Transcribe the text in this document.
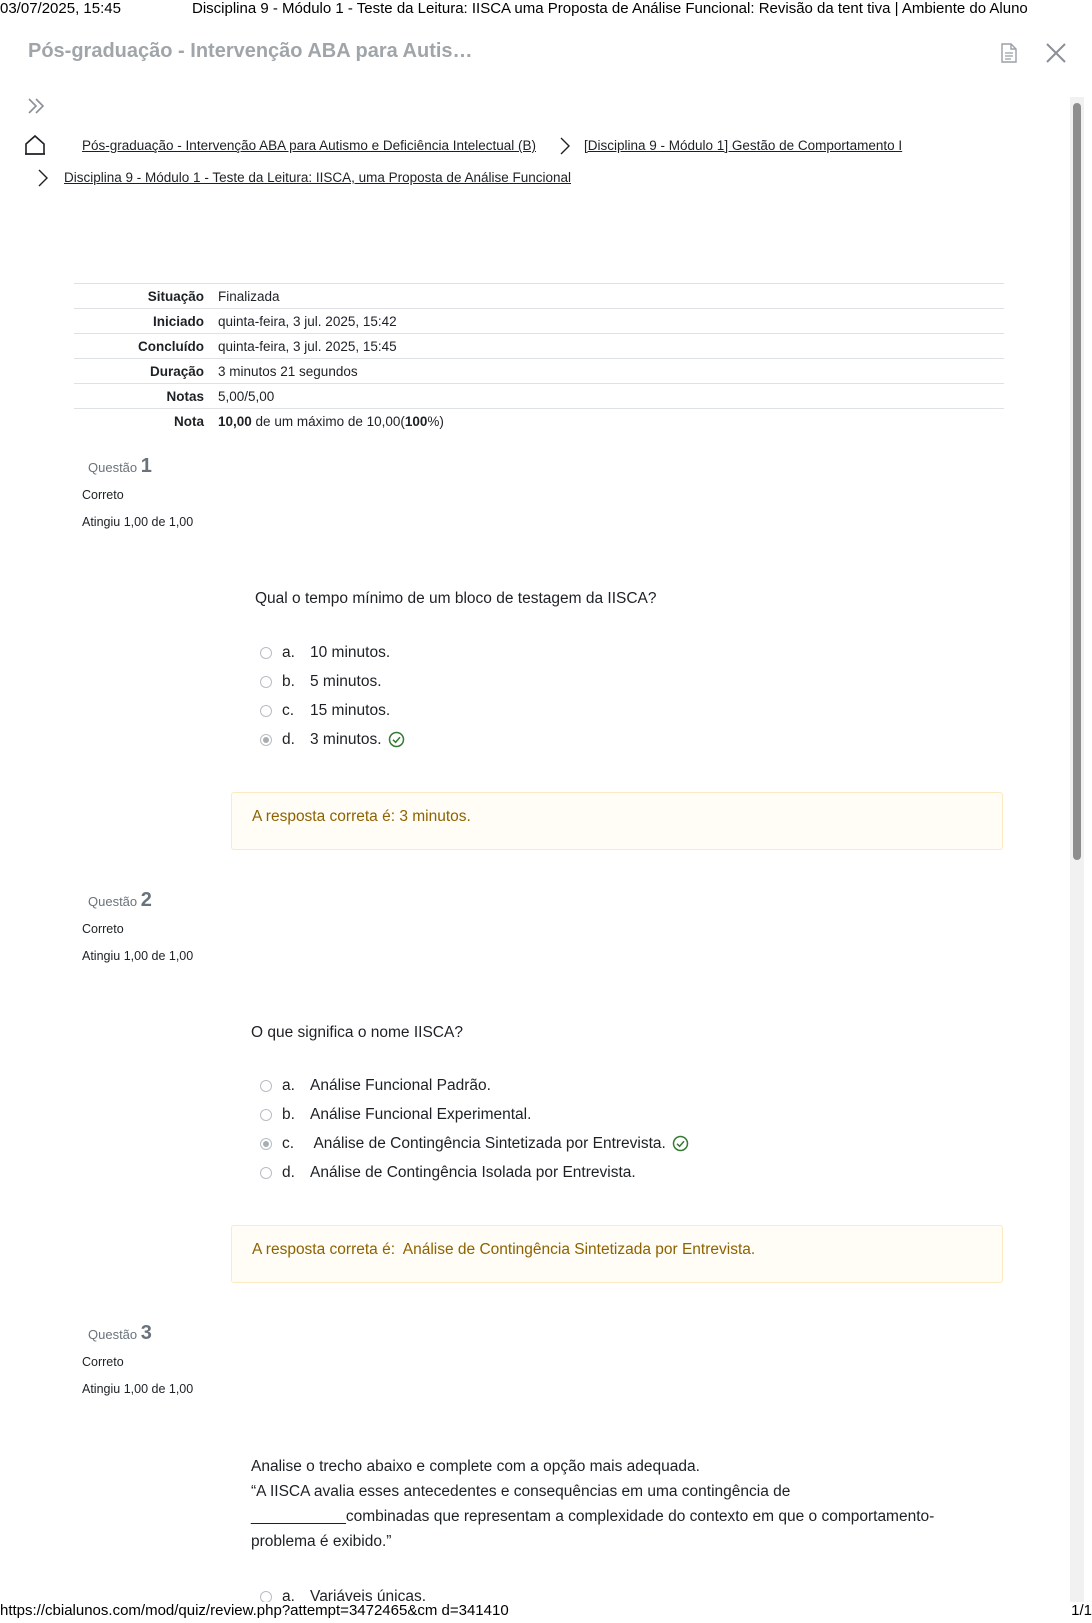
03/07/2025, 15:45	Disciplina 9 - Módulo 1 - Teste da Leitura: IISCA uma Proposta de Análise Funcional: Revisão da tent tiva | Ambiente do Aluno
Pós-graduação - Intervenção ABA para Autis…
Pós-graduação - Intervenção ABA para Autismo e Deficiência Intelectual (B)	[Disciplina 9 - Módulo 1] Gestão de Comportamento I
Disciplina 9 - Módulo 1 - Teste da Leitura: IISCA, uma Proposta de Análise Funcional
Situação	Finalizada
Iniciado	quinta-feira, 3 jul. 2025, 15:42
Concluído	quinta-feira, 3 jul. 2025, 15:45
Duração	3 minutos 21 segundos
Notas	5,00/5,00
Nota	10,00 de um máximo de 10,00(100%)
Questão 1
Correto
Atingiu 1,00 de 1,00
Qual o tempo mínimo de um bloco de testagem da IISCA?
a. 10 minutos.
b. 5 minutos.
c.	15 minutos.
d. 3 minutos.
A resposta correta é: 3 minutos.
Questão 2
Correto
Atingiu 1,00 de 1,00
O que significa o nome IISCA?
a. Análise Funcional Padrão.
b. Análise Funcional Experimental.
c.	Análise de Contingência Sintetizada por Entrevista.
d. Análise de Contingência Isolada por Entrevista.
A resposta correta é:  Análise de Contingência Sintetizada por Entrevista.
Questão 3
Correto
Atingiu 1,00 de 1,00
Analise o trecho abaixo e complete com a opção mais adequada.
“A IISCA avalia esses antecedentes e consequências em uma contingência de
___________combinadas que representam a complexidade do contexto em que o comportamento-
problema é exibido.”
a. Variáveis únicas.
https://cbialunos.com/mod/quiz/review.php?attempt=3472465&cm d=341410	1/1
